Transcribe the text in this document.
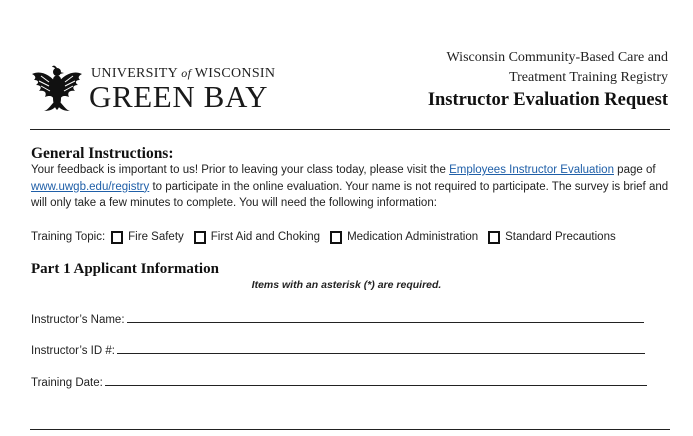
UNIVERSITY of WISCONSIN
GREEN BAY
Wisconsin Community-Based Care and
Treatment Training Registry
Instructor Evaluation Request
General Instructions:
Your feedback is important to us! Prior to leaving your class today, please visit the Employees Instructor Evaluation page of www.uwgb.edu/registry to participate in the online evaluation. Your name is not required to participate. The survey is brief and will only take a few minutes to complete. You will need the following information:
Training Topic: Fire Safety First Aid and Choking Medication Administration Standard Precautions
Part 1 Applicant Information
Items with an asterisk (*) are required.
Instructor’s Name:
Instructor’s ID #:
Training Date:
